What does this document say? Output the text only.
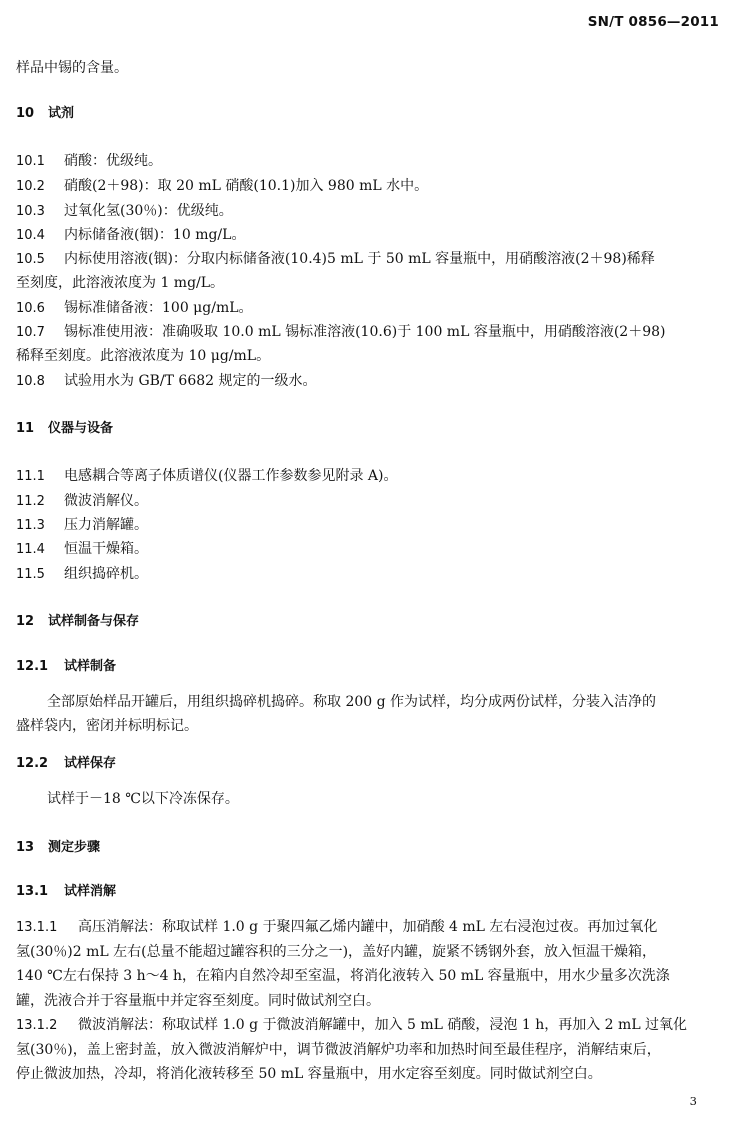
SN/T 0856—2011
样品中锡的含量。
10 试剂
10.1 硝酸：优级纯。
10.2 硝酸(2＋98)：取 20 mL 硝酸(10.1)加入 980 mL 水中。
10.3 过氧化氢(30％)：优级纯。
10.4 内标储备液(铟)：10 mg/L。
10.5 内标使用溶液(铟)：分取内标储备液(10.4)5 mL 于 50 mL 容量瓶中，用硝酸溶液(2＋98)稀释
至刻度，此溶液浓度为 1 mg/L。
10.6 锡标准储备液：100 μg/mL。
10.7 锡标准使用液：准确吸取 10.0 mL 锡标准溶液(10.6)于 100 mL 容量瓶中，用硝酸溶液(2＋98)
稀释至刻度。此溶液浓度为 10 μg/mL。
10.8 试验用水为 GB/T 6682 规定的一级水。
11 仪器与设备
11.1 电感耦合等离子体质谱仪(仪器工作参数参见附录 A)。
11.2 微波消解仪。
11.3 压力消解罐。
11.4 恒温干燥箱。
11.5 组织捣碎机。
12 试样制备与保存
12.1 试样制备
全部原始样品开罐后，用组织捣碎机捣碎。称取 200 g 作为试样，均分成两份试样，分装入洁净的
盛样袋内，密闭并标明标记。
12.2 试样保存
试样于－18 ℃以下冷冻保存。
13 测定步骤
13.1 试样消解
13.1.1 高压消解法：称取试样 1.0 g 于聚四氟乙烯内罐中，加硝酸 4 mL 左右浸泡过夜。再加过氧化
氢(30％)2 mL 左右(总量不能超过罐容积的三分之一)，盖好内罐，旋紧不锈钢外套，放入恒温干燥箱，
140 ℃左右保持 3 h～4 h，在箱内自然冷却至室温，将消化液转入 50 mL 容量瓶中，用水少量多次洗涤
罐，洗液合并于容量瓶中并定容至刻度。同时做试剂空白。
13.1.2 微波消解法：称取试样 1.0 g 于微波消解罐中，加入 5 mL 硝酸，浸泡 1 h，再加入 2 mL 过氧化
氢(30％)，盖上密封盖，放入微波消解炉中，调节微波消解炉功率和加热时间至最佳程序，消解结束后，
停止微波加热，冷却，将消化液转移至 50 mL 容量瓶中，用水定容至刻度。同时做试剂空白。
3
